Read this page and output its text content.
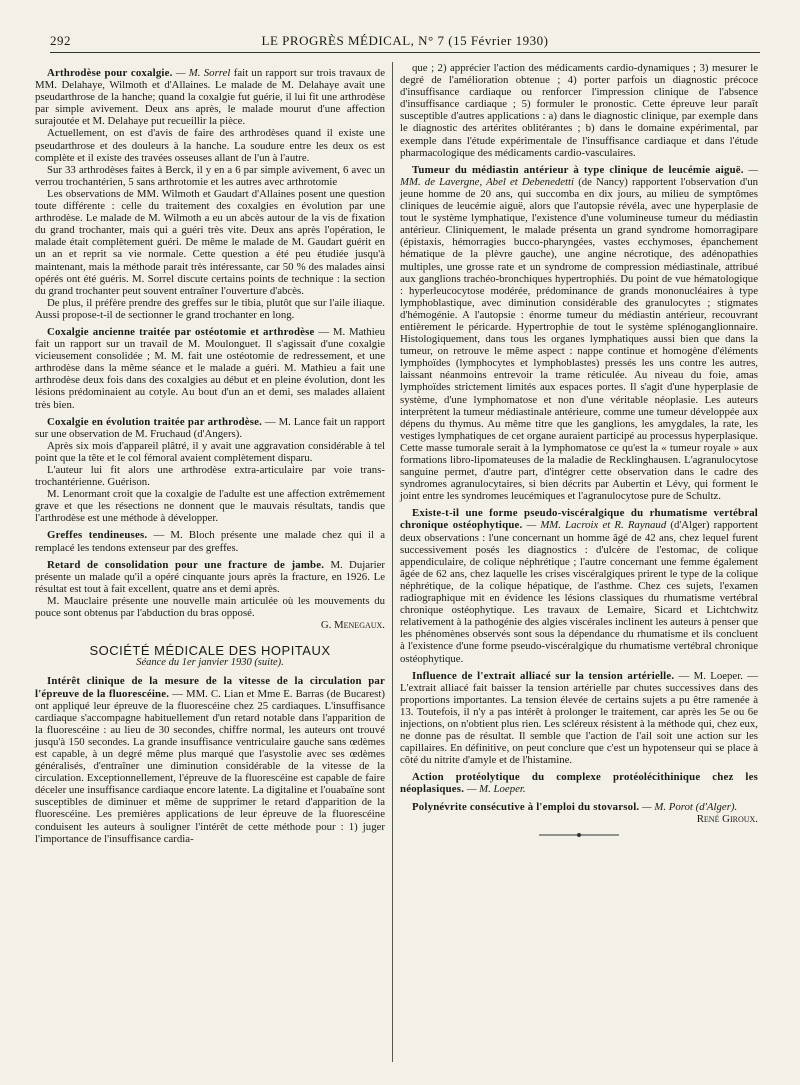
292	LE PROGRÈS MÉDICAL, N° 7 (15 Février 1930)

Arthrodèse pour coxalgie. — M. Sorrel fait un rapport sur trois travaux de MM. Delahaye, Wilmoth et d'Allaines. Le malade de M. Delahaye avait une pseudarthrose de la hanche; quand la coxalgie fut guérie, il lui fit une arthrodèse par simple avivement. Deux ans après, le malade mourut d'une affection surajoutée et M. Delahaye put recueillir la pièce.

Actuellement, on est d'avis de faire des arthrodèses quand il existe une pseudarthrose et des douleurs à la hanche. La soudure entre les deux os est complète et il existe des travées osseuses allant de l'un à l'autre.

Sur 33 arthrodèses faites à Berck, il y en a 6 par simple avivement, 6 avec un verrou trochantérien, 5 sans arthrotomie et les autres avec arthrotomie

Les observations de MM. Wilmoth et Gaudart d'Allaines posent une question toute différente : celle du traitement des coxalgies en évolution par une arthrodèse. Le malade de M. Wilmoth a eu un abcès autour de la vis de fixation du grand trochanter, mais qui a guéri très vite. Deux ans après l'opération, le malade était complètement guéri. De même le malade de M. Gaudart guérit en un an et reprit sa vie normale. Cette question a été peu étudiée jusqu'à maintenant, mais la méthode parait très intéressante, car 50 % des malades ainsi opérés ont été guéris. M. Sorrel discute certains points de technique : la section du grand trochanter peut souvent entraîner l'ouverture d'abcès.

De plus, il préfère prendre des greffes sur le tibia, plutôt que sur l'aile iliaque. Aussi propose-t-il de sectionner le grand trochanter en long.

Coxalgie ancienne traitée par ostéotomie et arthrodèse — M. Mathieu fait un rapport sur un travail de M. Moulonguet. Il s'agissait d'une coxalgie vicieusement consolidée ; M. M. fait une ostéotomie de redressement, et une arthrodèse dans la même séance et le malade a guéri. M. Mathieu a fait une arthrodèse deux fois dans des coxalgies au début et en pleine évolution, dont les lésions prédominaient au cotyle. Au bout d'un an et demi, ses malades allaient très bien.

Coxalgie en évolution traitée par arthrodèse. — M. Lance fait un rapport sur une observation de M. Fruchaud (d'Angers).

Après six mois d'appareil plâtré, il y avait une aggravation considérable à tel point que la tête et le col fémoral avaient complètement disparu.

L'auteur lui fit alors une arthrodèse extra-articulaire par voie trans-trochantérienne. Guérison.

M. Lenormant croit que la coxalgie de l'adulte est une affection extrêmement grave et que les résections ne donnent que le mauvais résultats, tandis que l'arthrodèse est une méthode à développer.

Greffes tendineuses. — M. Bloch présente une malade chez qui il a remplacé les tendons extenseur par des greffes.

Retard de consolidation pour une fracture de jambe. M. Dujarier présente un malade qu'il a opéré cinquante jours après la fracture, en 1926. Le résultat est tout à fait excellent, quatre ans et demi après.

M. Mauclaire présente une nouvelle main articulée où les mouvements du pouce sont obtenus par l'abduction du bras opposé.

G. Menegaux.

SOCIÉTÉ MÉDICALE DES HOPITAUX
Séance du 1er janvier 1930 (suite).

Intérêt clinique de la mesure de la vitesse de la circulation par l'épreuve de la fluorescéine. — MM. C. Lian et Mme E. Barras (de Bucarest) ont appliqué leur épreuve de la fluorescéine chez 25 cardiaques. L'insuffisance cardiaque s'accompagne habituellement d'un retard notable dans l'apparition de la fluorescéine : au lieu de 30 secondes, chiffre normal, les auteurs ont trouvé jusqu'à 150 secondes. La grande insuffisance ventriculaire gauche sans œdèmes est capable, à un degré même plus marqué que l'asystolie avec ses œdèmes généralisés, d'entraîner une diminution considérable de la vitesse de la circulation. Exceptionnellement, l'épreuve de la fluorescéine est capable de faire déceler une insuffisance cardiaque encore latente. La digitaline et l'ouabaïne sont susceptibles de diminuer et même de supprimer le retard d'apparition de la fluorescéine. Les premières applications de leur épreuve de la fluorescéine conduisent les auteurs à souligner l'intérêt de cette méthode pour : 1) juger l'importance de l'insuffisance cardia-

que ; 2) apprécier l'action des médicaments cardio-dynamiques ; 3) mesurer le degré de l'amélioration obtenue ; 4) porter parfois un diagnostic précoce d'insuffisance cardiaque ou renforcer l'impression clinique de l'absence d'insuffisance cardiaque ; 5) formuler le pronostic. Cette épreuve leur paraît susceptible d'autres applications : a) dans le diagnostic clinique, par exemple dans le diagnostic des artérites oblitérantes ; b) dans le domaine expérimental, par exemple dans l'étude expérimentale de l'insuffisance cardiaque et dans l'étude pharmacologique des médicaments cardio-vasculaires.

Tumeur du médiastin antérieur à type clinique de leucémie aiguë. — MM. de Lavergne, Abel et Debenedetti (de Nancy) rapportent l'observation d'un jeune homme de 20 ans, qui succomba en dix jours, au milieu de symptômes cliniques de leucémie aiguë, alors que l'autopsie révéla, avec une hyperplasie de tout le système lymphatique, l'existence d'une volumineuse tumeur du médiastin antérieur. Cliniquement, le malade présenta un grand syndrome homorragipare (épistaxis, hémorragies bucco-pharyngées, vastes ecchymoses, épanchement hématique de la plèvre gauche), une angine nécrotique, des adénopathies multiples, une grosse rate et un syndrome de compression médiastinale, attribué aux ganglions trachéo-bronchiques hypertrophiés. Du point de vue hématologique : hyperleucocytose modérée, prédominance de grands mononucléaires à type lymphoblastique, avec diminution considérable des granulocytes ; stigmates d'hémogénie. A l'autopsie : énorme tumeur du médiastin antérieur, recouvrant entièrement le péricarde. Hypertrophie de tout le système splénoganglionnaire. Histologiquement, dans tous les organes lymphatiques aussi bien que dans la tumeur, on retrouve le même aspect : nappe continue et homogène d'éléments lymphoïdes (lymphocytes et lymphoblastes) pressés les uns contre les autres, laissant néanmoins entrevoir la trame réticulée. Au niveau du foie, amas lymphoïdes strictement limités aux espaces portes. Il s'agit d'une hyperplasie de système, d'une lymphomatose et non d'une véritable néoplasie. Les auteurs interprètent la tumeur médiastinale antérieure, comme une tumeur développée aux dépens du thymus. Au même titre que les ganglions, les amygdales, la rate, les vestiges lymphatiques de cet organe auraient participé au processus hyperplasique. Cette masse tumorale serait à la lymphomatose ce qu'est la « tumeur royale » aux formations libro-lipomateuses de la maladie de Recklinghausen. L'agranulocytose sanguine permet, d'autre part, d'intégrer cette observation dans le cadre des syndromes agranulocytaires, si bien décrits par Aubertin et Lévy, qui forment le joint entre les syndromes leucémiques et l'agranulocytose pure de Schultz.

Existe-t-il une forme pseudo-viscéralgique du rhumatisme vertébral chronique ostéophytique. — MM. Lacroix et R. Raynaud (d'Alger) rapportent deux observations : l'une concernant un homme âgé de 42 ans, chez lequel furent successivement posés les diagnostics : d'ulcère de l'estomac, de colique appendiculaire, de colique néphrétique ; l'autre concernant une femme également âgée de 62 ans, chez laquelle les crises viscéralgiques prirent le type de la colique néphrétique, de la colique hépatique, de l'asthme. Chez ces sujets, l'examen radiographique mit en évidence les lésions classiques du rhumatisme vertébral chronique ostéophytique. Les travaux de Lemaire, Sicard et Lichtchwitz relativement à la pathogénie des algies viscérales inclinent les auteurs à penser que les phénomènes observés sont sous la dépendance du rhumatisme et ils concluent à l'existence d'une forme pseudo-viscéralgique du rhumatisme vertébral chronique ostéophytique.

Influence de l'extrait alliacé sur la tension artérielle. — M. Loeper. — L'extrait alliacé fait baisser la tension artérielle par chutes successives dans des proportions importantes. La tension élevée de certains sujets a pu être ramenée à 13. Toutefois, il n'y a pas intérêt à prolonger le traitement, car après les 5e ou 6e injections, on n'obtient plus rien. Les scléreux résistent à la méthode qui, chez eux, ne donne pas de résultat. Il semble que l'action de l'ail soit une action sur les capillaires. En définitive, on peut conclure que c'est un hypotenseur qui se place à côté du nitrite d'amyle et de l'histamine.

Action protéolytique du complexe protéolécithinique chez les néoplasiques. — M. Loeper.

Polynévrite consécutive à l'emploi du stovarsol. — M. Porot (d'Alger).

René Giroux.
